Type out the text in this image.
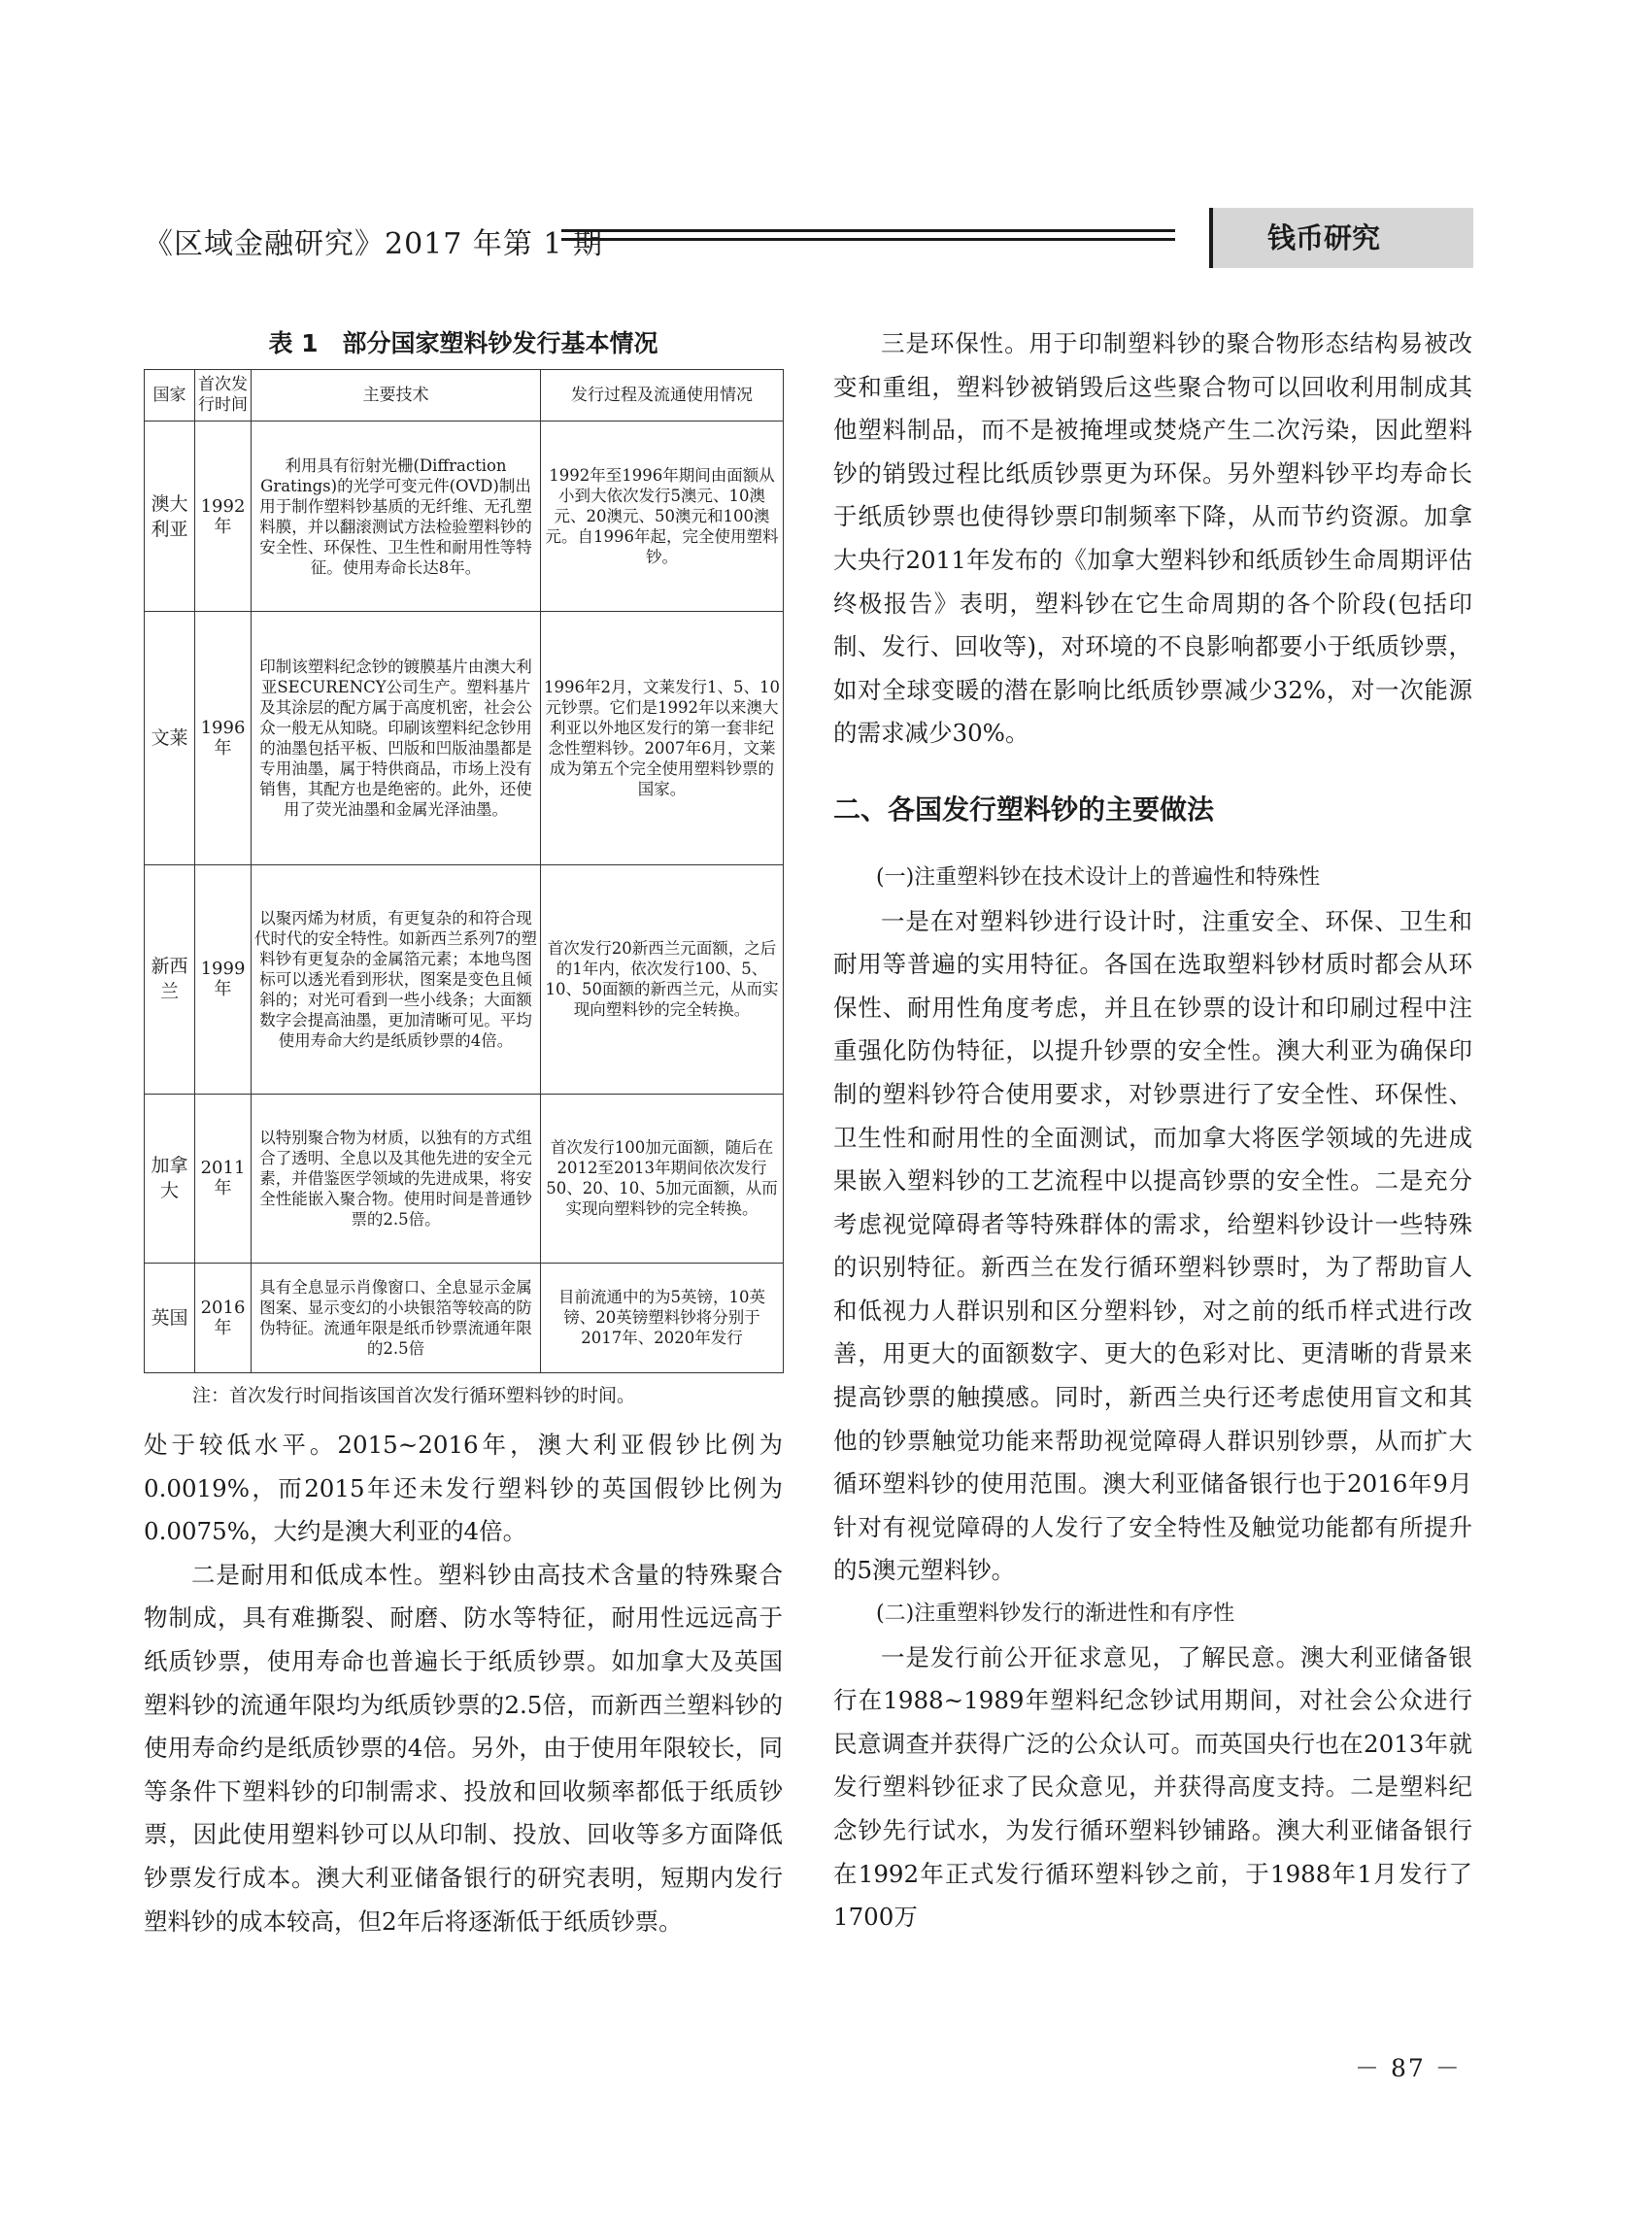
《区域金融研究》2017 年第 1 期	钱币研究
表 1　部分国家塑料钞发行基本情况
国家	首次发行时间	主要技术	发行过程及流通使用情况
澳大利亚	1992年	利用具有衍射光栅(Diffraction Gratings)的光学可变元件(OVD)制出用于制作塑料钞基质的无纤维、无孔塑料膜，并以翻滚测试方法检验塑料钞的安全性、环保性、卫生性和耐用性等特征。使用寿命长达8年。	1992年至1996年期间由面额从小到大依次发行5澳元、10澳元、20澳元、50澳元和100澳元。自1996年起，完全使用塑料钞。
文莱	1996年	印制该塑料纪念钞的镀膜基片由澳大利亚SECURENCY公司生产。塑料基片及其涂层的配方属于高度机密，社会公众一般无从知晓。印刷该塑料纪念钞用的油墨包括平板、凹版和凹版油墨都是专用油墨，属于特供商品，市场上没有销售，其配方也是绝密的。此外，还使用了荧光油墨和金属光泽油墨。	1996年2月，文莱发行1、5、10元钞票。它们是1992年以来澳大利亚以外地区发行的第一套非纪念性塑料钞。2007年6月，文莱成为第五个完全使用塑料钞票的国家。
新西兰	1999年	以聚丙烯为材质，有更复杂的和符合现代时代的安全特性。如新西兰系列7的塑料钞有更复杂的金属箔元素；本地鸟图标可以透光看到形状，图案是变色且倾斜的；对光可看到一些小线条；大面额数字会提高油墨，更加清晰可见。平均使用寿命大约是纸质钞票的4倍。	首次发行20新西兰元面额，之后的1年内，依次发行100、5、10、50面额的新西兰元，从而实现向塑料钞的完全转换。
加拿大	2011年	以特别聚合物为材质，以独有的方式组合了透明、全息以及其他先进的安全元素，并借鉴医学领域的先进成果，将安全性能嵌入聚合物。使用时间是普通钞票的2.5倍。	首次发行100加元面额，随后在2012至2013年期间依次发行50、20、10、5加元面额，从而实现向塑料钞的完全转换。
英国	2016年	具有全息显示肖像窗口、全息显示金属图案、显示变幻的小块银箔等较高的防伪特征。流通年限是纸币钞票流通年限的2.5倍	目前流通中的为5英镑，10英镑、20英镑塑料钞将分别于2017年、2020年发行
注：首次发行时间指该国首次发行循环塑料钞的时间。

处于较低水平。2015~2016年，澳大利亚假钞比例为0.0019%，而2015年还未发行塑料钞的英国假钞比例为0.0075%，大约是澳大利亚的4倍。

二是耐用和低成本性。塑料钞由高技术含量的特殊聚合物制成，具有难撕裂、耐磨、防水等特征，耐用性远远高于纸质钞票，使用寿命也普遍长于纸质钞票。如加拿大及英国塑料钞的流通年限均为纸质钞票的2.5倍，而新西兰塑料钞的使用寿命约是纸质钞票的4倍。另外，由于使用年限较长，同等条件下塑料钞的印制需求、投放和回收频率都低于纸质钞票，因此使用塑料钞可以从印制、投放、回收等多方面降低钞票发行成本。澳大利亚储备银行的研究表明，短期内发行塑料钞的成本较高，但2年后将逐渐低于纸质钞票。

三是环保性。用于印制塑料钞的聚合物形态结构易被改变和重组，塑料钞被销毁后这些聚合物可以回收利用制成其他塑料制品，而不是被掩埋或焚烧产生二次污染，因此塑料钞的销毁过程比纸质钞票更为环保。另外塑料钞平均寿命长于纸质钞票也使得钞票印制频率下降，从而节约资源。加拿大央行2011年发布的《加拿大塑料钞和纸质钞生命周期评估终极报告》表明，塑料钞在它生命周期的各个阶段(包括印制、发行、回收等)，对环境的不良影响都要小于纸质钞票，如对全球变暖的潜在影响比纸质钞票减少32%，对一次能源的需求减少30%。

二、各国发行塑料钞的主要做法

(一)注重塑料钞在技术设计上的普遍性和特殊性

一是在对塑料钞进行设计时，注重安全、环保、卫生和耐用等普遍的实用特征。各国在选取塑料钞材质时都会从环保性、耐用性角度考虑，并且在钞票的设计和印刷过程中注重强化防伪特征，以提升钞票的安全性。澳大利亚为确保印制的塑料钞符合使用要求，对钞票进行了安全性、环保性、卫生性和耐用性的全面测试，而加拿大将医学领域的先进成果嵌入塑料钞的工艺流程中以提高钞票的安全性。二是充分考虑视觉障碍者等特殊群体的需求，给塑料钞设计一些特殊的识别特征。新西兰在发行循环塑料钞票时，为了帮助盲人和低视力人群识别和区分塑料钞，对之前的纸币样式进行改善，用更大的面额数字、更大的色彩对比、更清晰的背景来提高钞票的触摸感。同时，新西兰央行还考虑使用盲文和其他的钞票触觉功能来帮助视觉障碍人群识别钞票，从而扩大循环塑料钞的使用范围。澳大利亚储备银行也于2016年9月针对有视觉障碍的人发行了安全特性及触觉功能都有所提升的5澳元塑料钞。

(二)注重塑料钞发行的渐进性和有序性

一是发行前公开征求意见，了解民意。澳大利亚储备银行在1988~1989年塑料纪念钞试用期间，对社会公众进行民意调查并获得广泛的公众认可。而英国央行也在2013年就发行塑料钞征求了民众意见，并获得高度支持。二是塑料纪念钞先行试水，为发行循环塑料钞铺路。澳大利亚储备银行在1992年正式发行循环塑料钞之前，于1988年1月发行了1700万

－ 87 －
